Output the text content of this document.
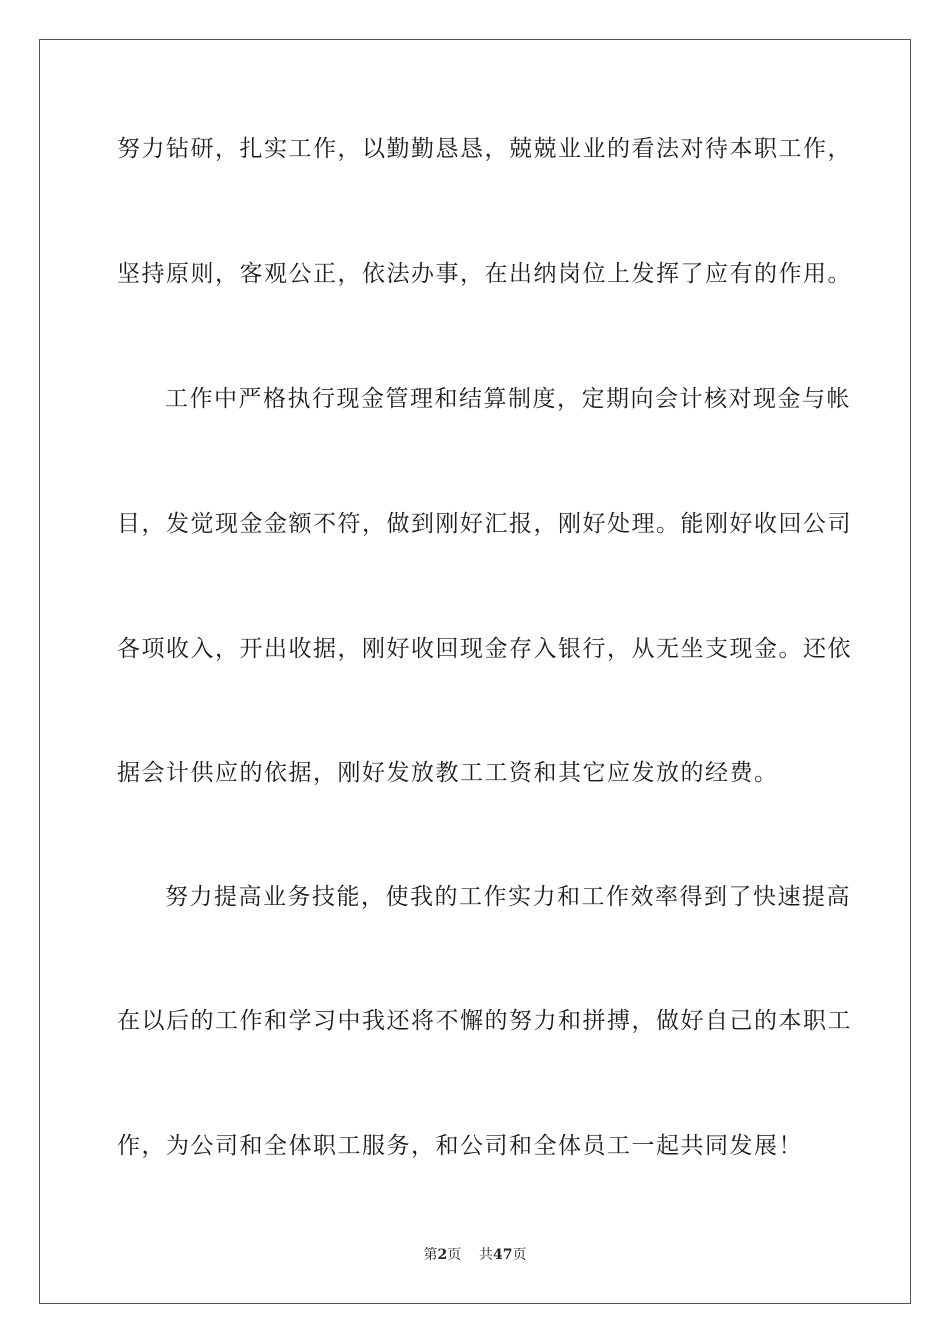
努力钻研，扎实工作，以勤勤恳恳，兢兢业业的看法对待本职工作，
坚持原则，客观公正，依法办事，在出纳岗位上发挥了应有的作用。
工作中严格执行现金管理和结算制度，定期向会计核对现金与帐
目，发觉现金金额不符，做到刚好汇报，刚好处理。能刚好收回公司
各项收入，开出收据，刚好收回现金存入银行，从无坐支现金。还依
据会计供应的依据，刚好发放教工工资和其它应发放的经费。
努力提高业务技能，使我的工作实力和工作效率得到了快速提高
在以后的工作和学习中我还将不懈的努力和拼搏，做好自己的本职工
作，为公司和全体职工服务，和公司和全体员工一起共同发展！
第2页 共47页
